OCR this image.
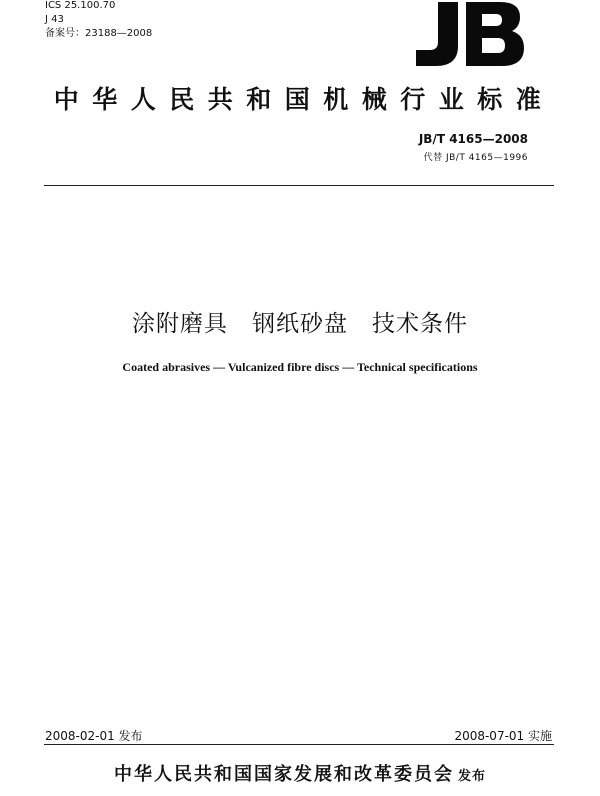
ICS 25.100.70
J 43
备案号：23188—2008
中华人民共和国机械行业标准
JB/T 4165—2008
代替 JB/T 4165—1996
涂附磨具　钢纸砂盘　技术条件
Coated abrasives — Vulcanized fibre discs — Technical specifications
2008-02-01 发布	2008-07-01 实施
中华人民共和国国家发展和改革委员会 发布
